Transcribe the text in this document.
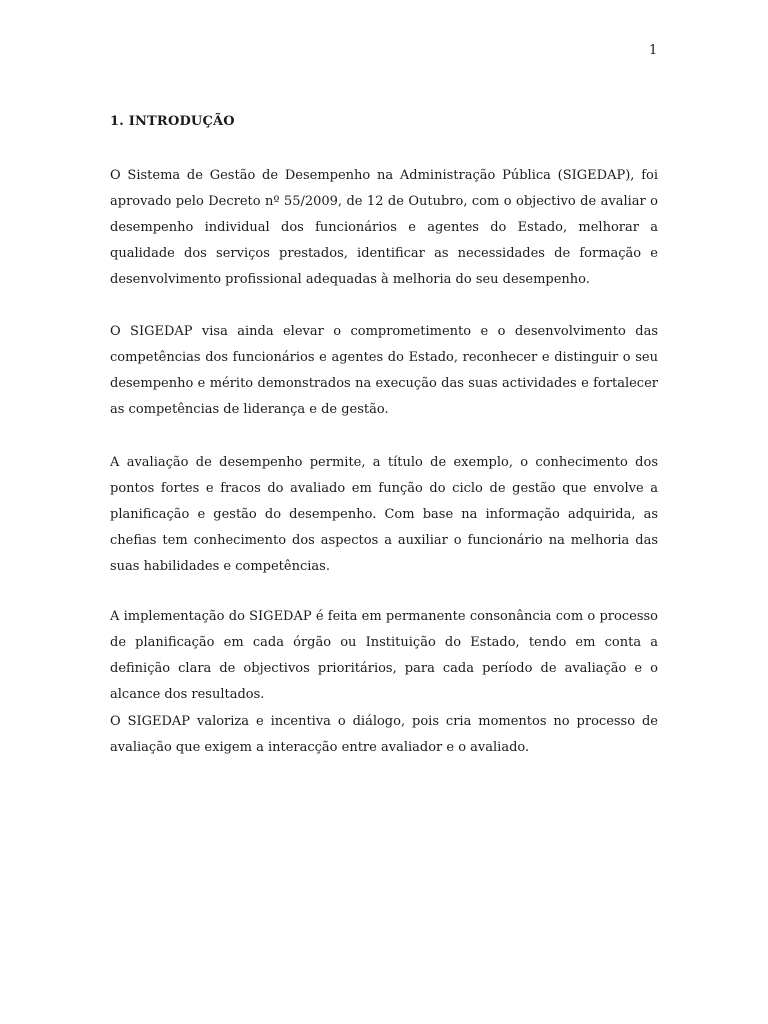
1
1. INTRODUÇÃO

O Sistema de Gestão de Desempenho na Administração Pública (SIGEDAP), foi aprovado pelo Decreto nº 55/2009, de 12 de Outubro, com o objectivo de avaliar o desempenho individual dos funcionários e agentes do Estado, melhorar a qualidade dos serviços prestados, identificar as necessidades de formação e desenvolvimento profissional adequadas à melhoria do seu desempenho.

O SIGEDAP visa ainda elevar o comprometimento e o desenvolvimento das competências dos funcionários e agentes do Estado, reconhecer e distinguir o seu desempenho e mérito demonstrados na execução das suas actividades e fortalecer as competências de liderança e de gestão.

A avaliação de desempenho permite, a título de exemplo, o conhecimento dos pontos fortes e fracos do avaliado em função do ciclo de gestão que envolve a planificação e gestão do desempenho. Com base na informação adquirida, as chefias tem conhecimento dos aspectos a auxiliar o funcionário na melhoria das suas habilidades e competências.

A implementação do SIGEDAP é feita em permanente consonância com o processo de planificação em cada órgão ou Instituição do Estado, tendo em conta a definição clara de objectivos prioritários, para cada período de avaliação e o alcance dos resultados.

O SIGEDAP valoriza e incentiva o diálogo, pois cria momentos no processo de avaliação que exigem a interacção entre avaliador e o avaliado.
